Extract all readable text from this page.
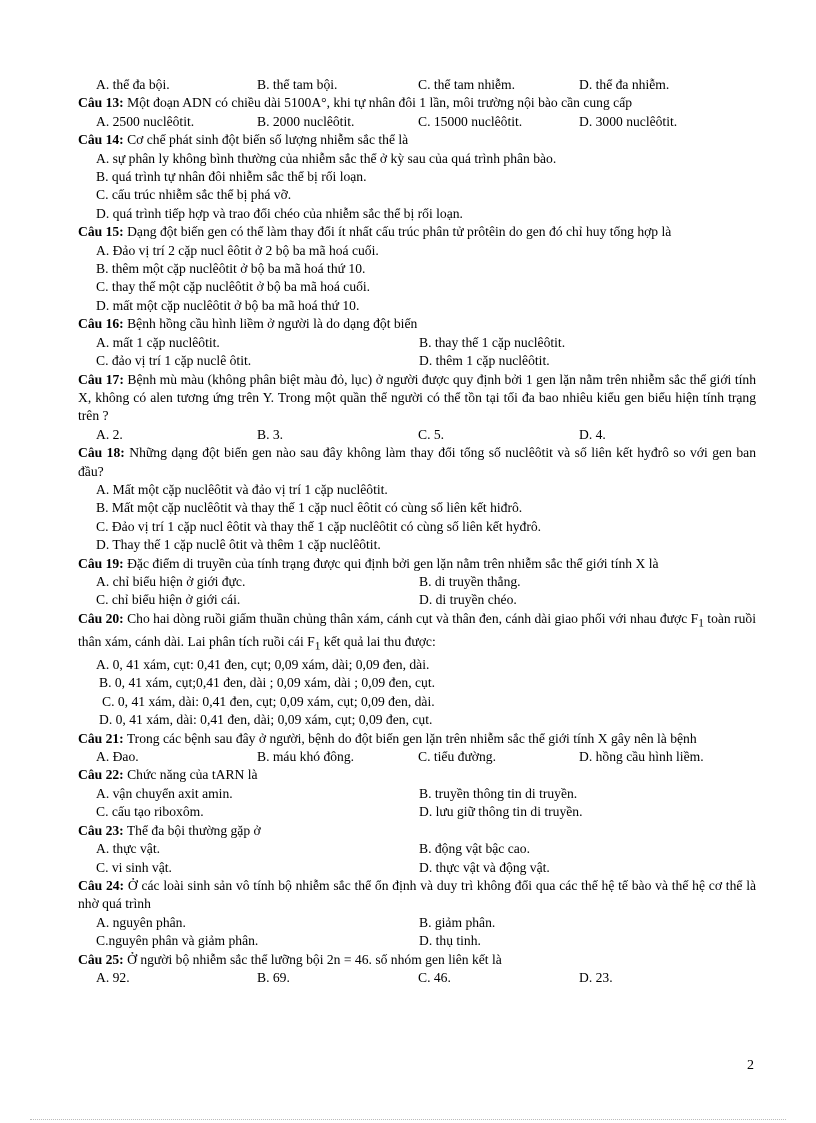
A. thể đa bội.	B. thể tam bội.	C. thể tam nhiễm.	D. thể đa nhiễm.
Câu 13: Một đoạn ADN có chiều dài 5100A°, khi tự nhân đôi 1 lần, môi trường nội bào cần cung cấp
A. 2500 nuclêôtit.	B. 2000 nuclêôtit.	C. 15000 nuclêôtit.	D. 3000 nuclêôtit.
Câu 14: Cơ chế phát sinh đột biến số lượng nhiễm sắc thể là
A. sự phân ly không bình thường của nhiễm sắc thể ở kỳ sau của quá trình phân bào.
B. quá trình tự nhân đôi nhiễm sắc thể bị rối loạn.
C. cấu trúc nhiễm sắc thể bị phá vỡ.
D. quá trình tiếp hợp và trao đổi chéo của nhiễm sắc thể bị rối loạn.
Câu 15: Dạng đột biến gen có thể làm thay đổi ít nhất cấu trúc phân tử prôtêin do gen đó chỉ huy tổng hợp là
A. Đảo vị trí 2 cặp nucl êôtit ở 2 bộ ba mã hoá cuối.
B. thêm một cặp nuclêôtit ở bộ ba mã hoá thứ 10.
C. thay thế một cặp nuclêôtit ở bộ ba mã hoá cuối.
D. mất một cặp nuclêôtit ở bộ ba mã hoá thứ 10.
Câu 16: Bệnh hồng cầu hình liềm ở người là do dạng đột biến
A. mất 1 cặp nuclêôtit.	B. thay thế 1 cặp nuclêôtit.
C. đảo vị trí 1 cặp nuclê ôtit.	D. thêm 1 cặp nuclêôtit.
Câu 17: Bệnh mù màu (không phân biệt màu đỏ, lục) ở người được quy định bởi 1 gen lặn nằm trên nhiễm sắc thể giới tính X, không có alen tương ứng trên Y. Trong một quần thể người có thể tồn tại tối đa bao nhiêu kiểu gen biểu hiện tính trạng trên ?
A. 2.	B. 3.	C. 5.	D. 4.
Câu 18: Những dạng đột biến gen nào sau đây không làm thay đổi tổng số nuclêôtit và số liên kết hyđrô so với gen ban đầu?
A. Mất một cặp nuclêôtit và đảo vị trí 1 cặp nuclêôtit.
B. Mất một cặp nuclêôtit và thay thế 1 cặp nucl êôtit có cùng số liên kết hiđrô.
C. Đảo vị trí 1 cặp nucl êôtit và thay thế 1 cặp nuclêôtit có cùng số liên kết hyđrô.
D. Thay thế 1 cặp nuclê ôtit và thêm 1 cặp nuclêôtit.
Câu 19: Đặc điểm di truyền của tính trạng được qui định bởi gen lặn nằm trên nhiễm sắc thể giới tính X là
A. chỉ biểu hiện ở giới đực.	B. di truyền thẳng.
C. chỉ biểu hiện ở giới cái.	D. di truyền chéo.
Câu 20: Cho hai dòng ruồi giấm thuần chủng thân xám, cánh cụt và thân đen, cánh dài giao phối với nhau được $F_1$ toàn ruồi thân xám, cánh dài. Lai phân tích ruồi cái $F_1$ kết quả lai thu được:
A. 0, 41 xám, cụt: 0,41 đen, cụt; 0,09 xám, dài; 0,09 đen, dài.
B. 0, 41 xám, cụt;0,41 đen, dài ; 0,09 xám, dài ; 0,09 đen, cụt.
C. 0, 41 xám, dài: 0,41 đen, cụt; 0,09 xám, cụt; 0,09 đen, dài.
D. 0, 41 xám, dài: 0,41 đen, dài; 0,09 xám, cụt; 0,09 đen, cụt.
Câu 21: Trong các bệnh sau đây ở người, bệnh do đột biến gen lặn trên nhiễm sắc thể giới tính X gây nên là bệnh
A. Đao.	B. máu khó đông.	C. tiểu đường.	D. hồng cầu hình liềm.
Câu 22: Chức năng của tARN là
A. vận chuyển axit amin.	B. truyền thông tin di truyền.
C. cấu tạo riboxôm.	D. lưu giữ thông tin di truyền.
Câu 23: Thể đa bội thường gặp ở
A. thực vật.	B. động vật bậc cao.
C. vi sinh vật.	D. thực vật và động vật.
Câu 24: Ở các loài sinh sản vô tính bộ nhiễm sắc thể ổn định và duy trì không đổi qua các thế hệ tế bào và thế hệ cơ thể là nhờ quá trình
A. nguyên phân.	B. giảm phân.
C.nguyên phân và giảm phân.	D. thụ tinh.
Câu 25: Ở người bộ nhiễm sắc thể lưỡng bội 2n = 46. số nhóm gen liên kết là
A. 92.	B. 69.	C. 46.	D. 23.
2
